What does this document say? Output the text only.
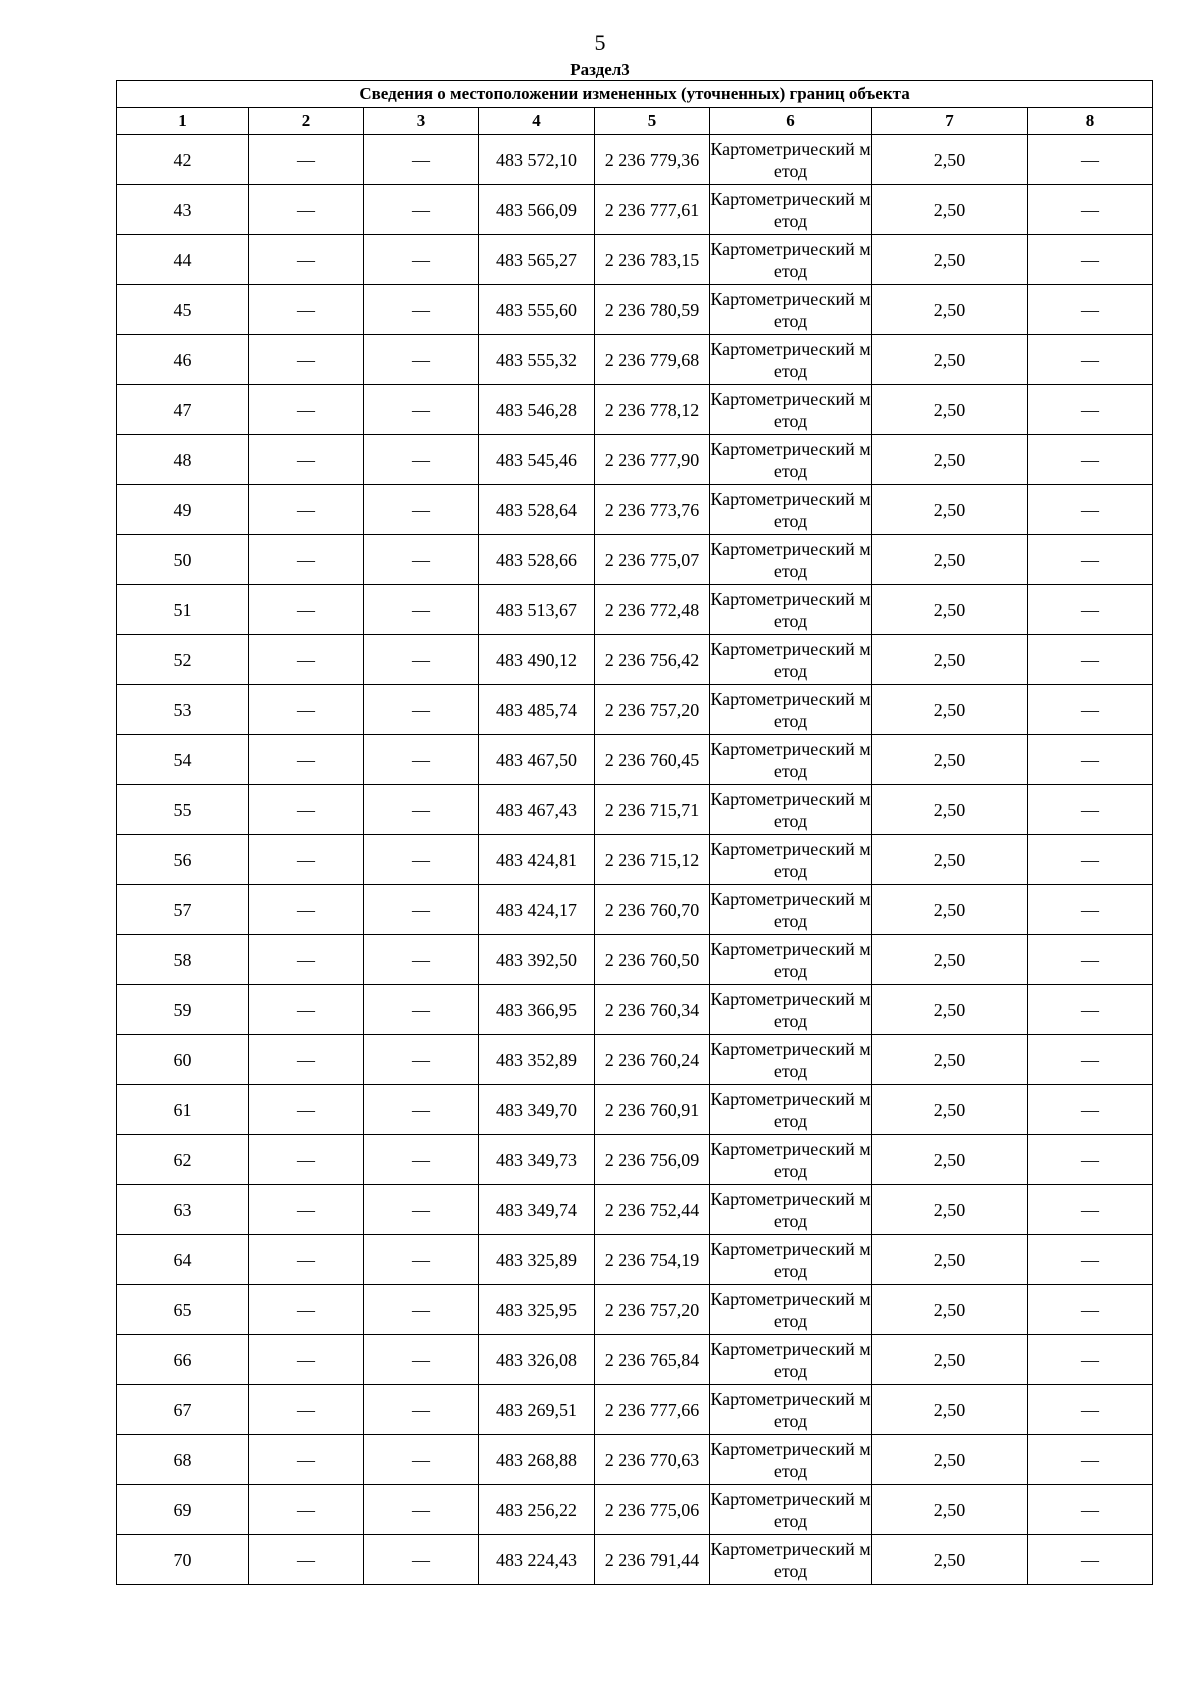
5
Раздел3
Сведения о местоположении измененных (уточненных) границ объекта							
1	2	3	4	5	6	7	8
42	—	—	483 572,10	2 236 779,36	Картометрический метод	2,50	—
43	—	—	483 566,09	2 236 777,61	Картометрический метод	2,50	—
44	—	—	483 565,27	2 236 783,15	Картометрический метод	2,50	—
45	—	—	483 555,60	2 236 780,59	Картометрический метод	2,50	—
46	—	—	483 555,32	2 236 779,68	Картометрический метод	2,50	—
47	—	—	483 546,28	2 236 778,12	Картометрический метод	2,50	—
48	—	—	483 545,46	2 236 777,90	Картометрический метод	2,50	—
49	—	—	483 528,64	2 236 773,76	Картометрический метод	2,50	—
50	—	—	483 528,66	2 236 775,07	Картометрический метод	2,50	—
51	—	—	483 513,67	2 236 772,48	Картометрический метод	2,50	—
52	—	—	483 490,12	2 236 756,42	Картометрический метод	2,50	—
53	—	—	483 485,74	2 236 757,20	Картометрический метод	2,50	—
54	—	—	483 467,50	2 236 760,45	Картометрический метод	2,50	—
55	—	—	483 467,43	2 236 715,71	Картометрический метод	2,50	—
56	—	—	483 424,81	2 236 715,12	Картометрический метод	2,50	—
57	—	—	483 424,17	2 236 760,70	Картометрический метод	2,50	—
58	—	—	483 392,50	2 236 760,50	Картометрический метод	2,50	—
59	—	—	483 366,95	2 236 760,34	Картометрический метод	2,50	—
60	—	—	483 352,89	2 236 760,24	Картометрический метод	2,50	—
61	—	—	483 349,70	2 236 760,91	Картометрический метод	2,50	—
62	—	—	483 349,73	2 236 756,09	Картометрический метод	2,50	—
63	—	—	483 349,74	2 236 752,44	Картометрический метод	2,50	—
64	—	—	483 325,89	2 236 754,19	Картометрический метод	2,50	—
65	—	—	483 325,95	2 236 757,20	Картометрический метод	2,50	—
66	—	—	483 326,08	2 236 765,84	Картометрический метод	2,50	—
67	—	—	483 269,51	2 236 777,66	Картометрический метод	2,50	—
68	—	—	483 268,88	2 236 770,63	Картометрический метод	2,50	—
69	—	—	483 256,22	2 236 775,06	Картометрический метод	2,50	—
70	—	—	483 224,43	2 236 791,44	Картометрический метод	2,50	—
